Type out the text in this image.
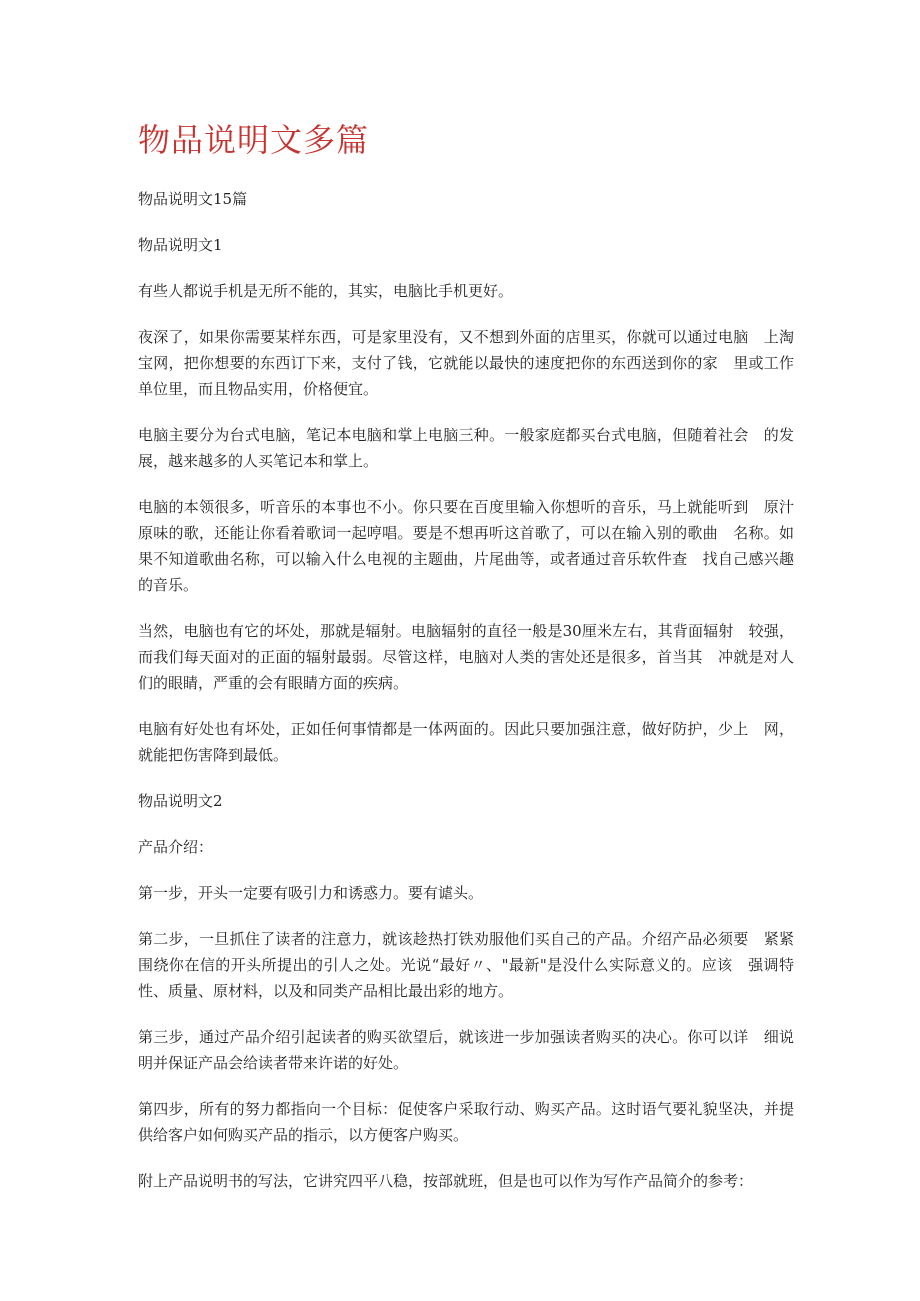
物品说明文多篇

物品说明文15篇

物品说明文1

有些人都说手机是无所不能的，其实，电脑比手机更好。

夜深了，如果你需要某样东西，可是家里没有，又不想到外面的店里买，你就可以通过电脑　上淘宝网，把你想要的东西订下来，支付了钱，它就能以最快的速度把你的东西送到你的家　里或工作单位里，而且物品实用，价格便宜。

电脑主要分为台式电脑，笔记本电脑和掌上电脑三种。一般家庭都买台式电脑，但随着社会　的发展，越来越多的人买笔记本和掌上。

电脑的本领很多，听音乐的本事也不小。你只要在百度里输入你想听的音乐，马上就能听到　原汁原味的歌，还能让你看着歌词一起哼唱。要是不想再听这首歌了，可以在输入别的歌曲　名称。如果不知道歌曲名称，可以输入什么电视的主题曲，片尾曲等，或者通过音乐软件查　找自己感兴趣的音乐。

当然，电脑也有它的坏处，那就是辐射。电脑辐射的直径一般是30厘米左右，其背面辐射　较强，而我们每天面对的正面的辐射最弱。尽管这样，电脑对人类的害处还是很多，首当其　冲就是对人们的眼睛，严重的会有眼睛方面的疾病。

电脑有好处也有坏处，正如任何事情都是一体两面的。因此只要加强注意，做好防护，少上　网，就能把伤害降到最低。

物品说明文2

产品介绍：

第一步，开头一定要有吸引力和诱惑力。要有谑头。

第二步，一旦抓住了读者的注意力，就该趁热打铁劝服他们买自己的产品。介绍产品必须要　紧紧围绕你在信的开头所提出的引人之处。光说“最好〃、"最新"是没什么实际意义的。应该　强调特性、质量、原材料，以及和同类产品相比最出彩的地方。

第三步，通过产品介绍引起读者的购买欲望后，就该进一步加强读者购买的决心。你可以详　细说明并保证产品会给读者带来许诺的好处。

第四步，所有的努力都指向一个目标：促使客户采取行动、购买产品。这时语气要礼貌坚决，并提供给客户如何购买产品的指示，以方便客户购买。

附上产品说明书的写法，它讲究四平八稳，按部就班，但是也可以作为写作产品简介的参考：
